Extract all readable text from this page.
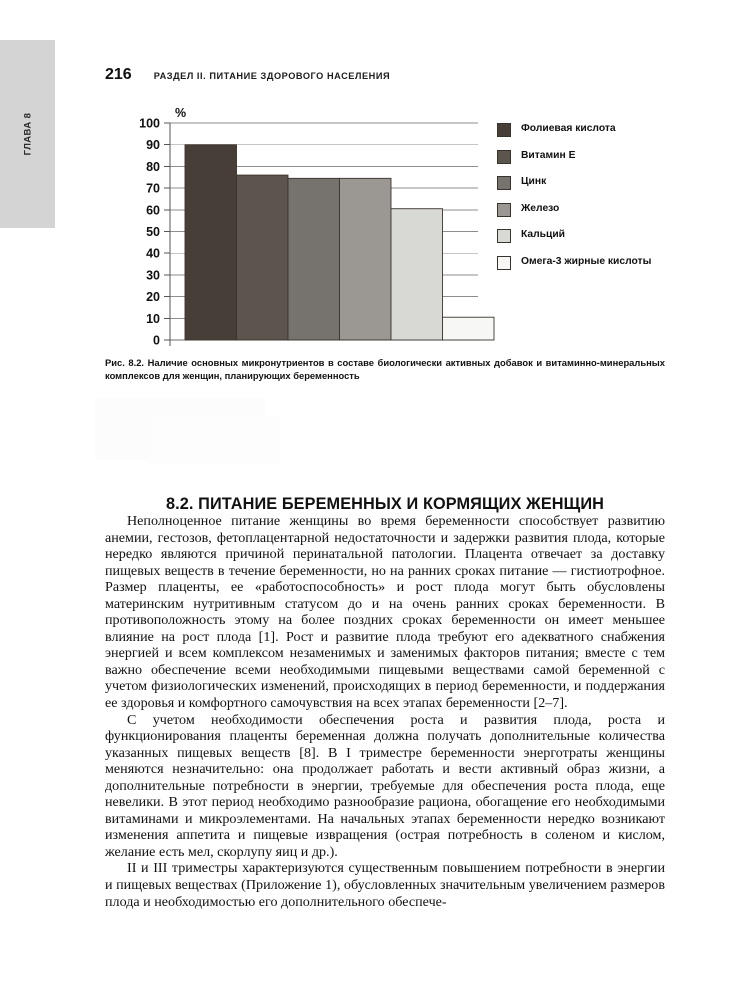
ГЛАВА 8
216 РАЗДЕЛ II. ПИТАНИЕ ЗДОРОВОГО НАСЕЛЕНИЯ
0
10
20
30
40
50
60
70
80
90
100
%
Фолиевая кислота
Витамин Е
Цинк
Железо
Кальций
Омега-3 жирные кислоты
Рис. 8.2. Наличие основных микронутриентов в составе биологически активных добавок и витаминно-минеральных комплексов для женщин, планирующих беременность
8.2. ПИТАНИЕ БЕРЕМЕННЫХ И КОРМЯЩИХ ЖЕНЩИН

Неполноценное питание женщины во время беременности способствует развитию анемии, гестозов, фетоплацентарной недостаточности и задержки развития плода, которые нередко являются причиной перинатальной патологии. Плацента отвечает за доставку пищевых веществ в течение беременности, но на ранних сроках питание — гистиотрофное. Размер плаценты, ее «работоспособность» и рост плода могут быть обусловлены материнским нутритивным статусом до и на очень ранних сроках беременности. В противоположность этому на более поздних сроках беременности он имеет меньшее влияние на рост плода [1]. Рост и развитие плода требуют его адекватного снабжения энергией и всем комплексом незаменимых и заменимых факторов питания; вместе с тем важно обеспечение всеми необходимыми пищевыми веществами самой беременной с учетом физиологических изменений, происходящих в период беременности, и поддержания ее здоровья и комфортного самочувствия на всех этапах беременности [2–7].

С учетом необходимости обеспечения роста и развития плода, роста и функционирования плаценты беременная должна получать дополнительные количества указанных пищевых веществ [8]. В I триместре беременности энерготраты женщины меняются незначительно: она продолжает работать и вести активный образ жизни, а дополнительные потребности в энергии, требуемые для обеспечения роста плода, еще невелики. В этот период необходимо разнообразие рациона, обогащение его необходимыми витаминами и микроэлементами. На начальных этапах беременности нередко возникают изменения аппетита и пищевые извращения (острая потребность в соленом и кислом, желание есть мел, скорлупу яиц и др.).

II и III триместры характеризуются существенным повышением потребности в энергии и пищевых веществах (Приложение 1), обусловленных значительным увеличением размеров плода и необходимостью его дополнительного обеспече-
